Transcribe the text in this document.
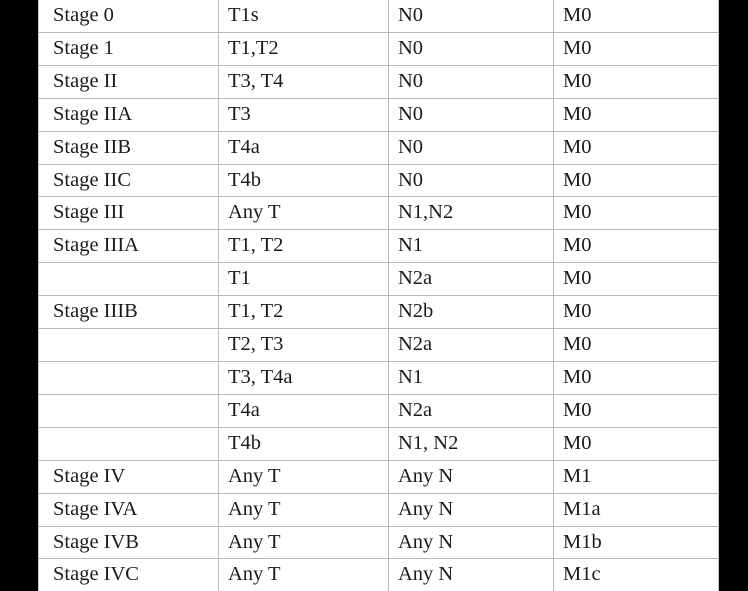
Stage 0	T1s	N0	M0
Stage 1	T1,T2	N0	M0
Stage II	T3, T4	N0	M0
Stage IIA	T3	N0	M0
Stage IIB	T4a	N0	M0
Stage IIC	T4b	N0	M0
Stage III	Any T	N1,N2	M0
Stage IIIA	T1, T2	N1	M0
	T1	N2a	M0
Stage IIIB	T1, T2	N2b	M0
	T2, T3	N2a	M0
	T3, T4a	N1	M0
	T4a	N2a	M0
	T4b	N1, N2	M0
Stage IV	Any T	Any N	M1
Stage IVA	Any T	Any N	M1a
Stage IVB	Any T	Any N	M1b
Stage IVC	Any T	Any N	M1c
